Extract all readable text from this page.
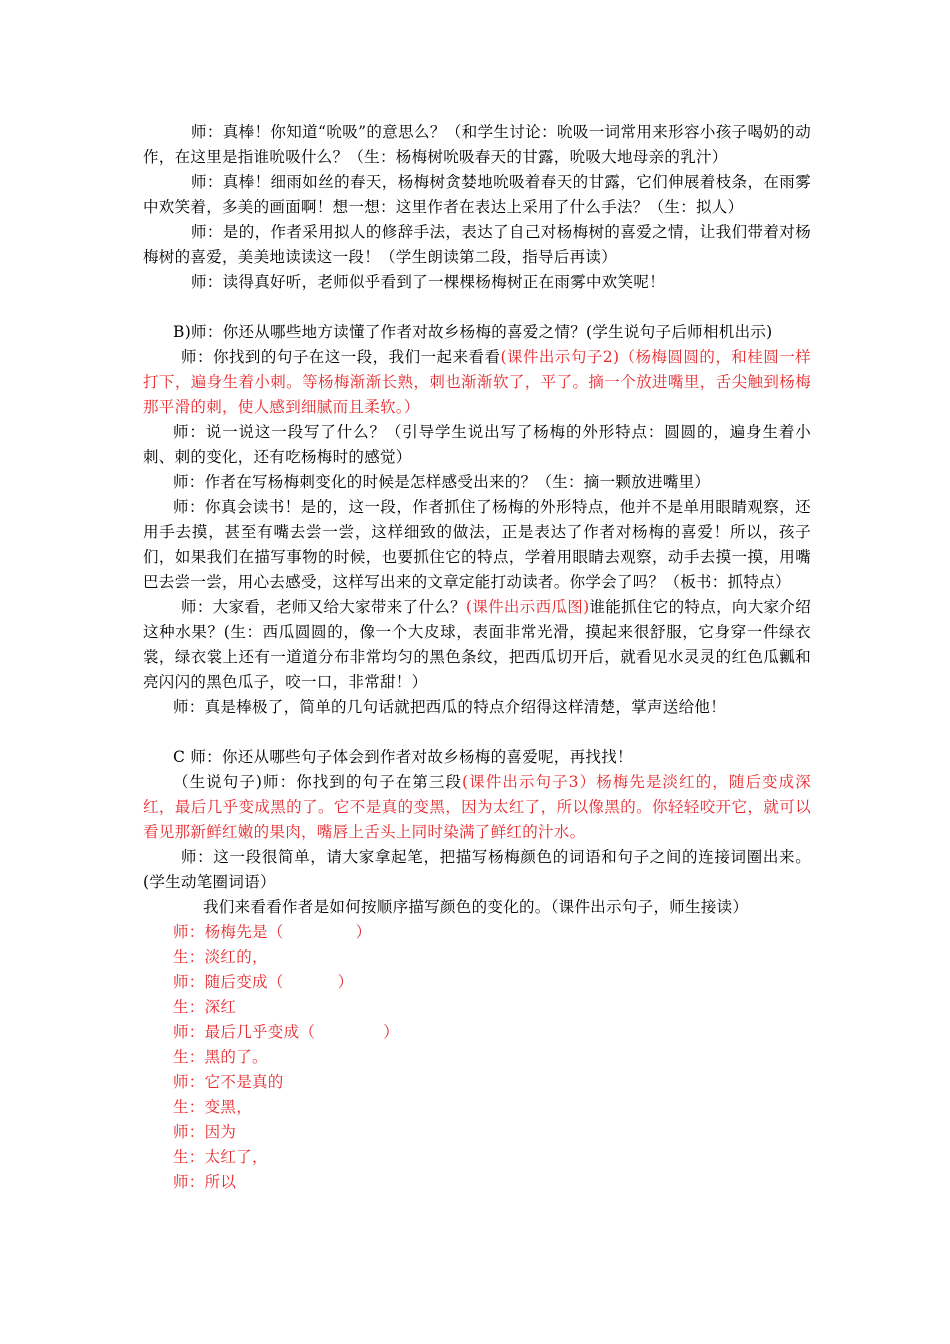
师：真棒！你知道“吮吸”的意思么？（和学生讨论：吮吸一词常用来形容小孩子喝奶的动作，在这里是指谁吮吸什么？（生：杨梅树吮吸春天的甘露，吮吸大地母亲的乳汁）

师：真棒！细雨如丝的春天，杨梅树贪婪地吮吸着春天的甘露，它们伸展着枝条，在雨雾中欢笑着，多美的画面啊！想一想：这里作者在表达上采用了什么手法？（生：拟人）

师：是的，作者采用拟人的修辞手法，表达了自己对杨梅树的喜爱之情，让我们带着对杨梅树的喜爱，美美地读读这一段！（学生朗读第二段，指导后再读）

师：读得真好听，老师似乎看到了一棵棵杨梅树正在雨雾中欢笑呢！

B)师：你还从哪些地方读懂了作者对故乡杨梅的喜爱之情？(学生说句子后师相机出示)

师：你找到的句子在这一段，我们一起来看看(课件出示句子2)（杨梅圆圆的，和桂圆一样打下，遍身生着小刺。等杨梅渐渐长熟，刺也渐渐软了，平了。摘一个放进嘴里，舌尖触到杨梅那平滑的刺，使人感到细腻而且柔软。）

师：说一说这一段写了什么？（引导学生说出写了杨梅的外形特点：圆圆的，遍身生着小刺、刺的变化，还有吃杨梅时的感觉）

师：作者在写杨梅刺变化的时候是怎样感受出来的？（生：摘一颗放进嘴里）

师：你真会读书！是的，这一段，作者抓住了杨梅的外形特点，他并不是单用眼睛观察，还用手去摸，甚至有嘴去尝一尝，这样细致的做法，正是表达了作者对杨梅的喜爱！所以，孩子们，如果我们在描写事物的时候，也要抓住它的特点，学着用眼睛去观察，动手去摸一摸，用嘴巴去尝一尝，用心去感受，这样写出来的文章定能打动读者。你学会了吗？（板书：抓特点）

师：大家看，老师又给大家带来了什么？(课件出示西瓜图)谁能抓住它的特点，向大家介绍这种水果？(生：西瓜圆圆的，像一个大皮球，表面非常光滑，摸起来很舒服，它身穿一件绿衣裳，绿衣裳上还有一道道分布非常均匀的黑色条纹，把西瓜切开后，就看见水灵灵的红色瓜瓤和亮闪闪的黑色瓜子，咬一口，非常甜！）

师：真是棒极了，简单的几句话就把西瓜的特点介绍得这样清楚，掌声送给他！

C 师：你还从哪些句子体会到作者对故乡杨梅的喜爱呢，再找找！

（生说句子)师：你找到的句子在第三段(课件出示句子3）杨梅先是淡红的，随后变成深红，最后几乎变成黑的了。它不是真的变黑，因为太红了，所以像黑的。你轻轻咬开它，就可以看见那新鲜红嫩的果肉，嘴唇上舌头上同时染满了鲜红的汁水。

师：这一段很简单，请大家拿起笔，把描写杨梅颜色的词语和句子之间的连接词圈出来。(学生动笔圈词语）

我们来看看作者是如何按顺序描写颜色的变化的。（课件出示句子，师生接读）

师：杨梅先是（	）

生：淡红的，

师：随后变成（	）

生：深红

师：最后几乎变成（	）

生：黑的了。

师：它不是真的

生：变黑，

师：因为

生：太红了，

师：所以
